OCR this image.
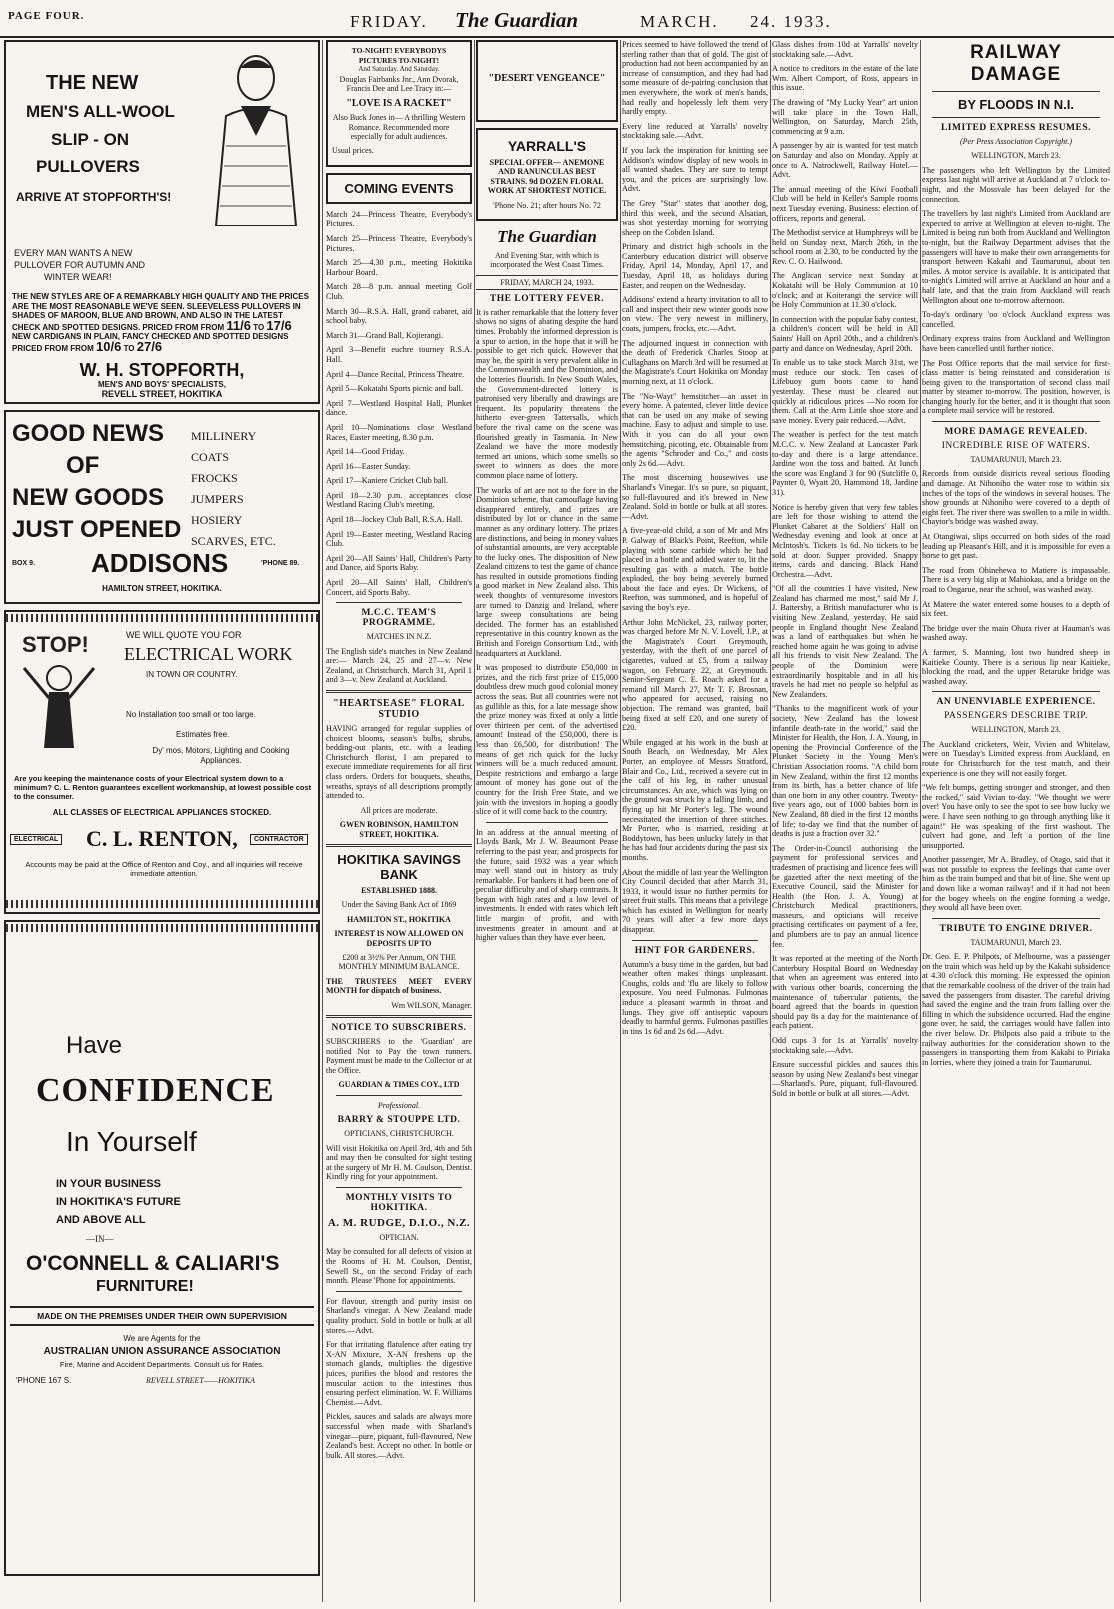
PAGE FOUR.	FRIDAY. The Guardian	MARCH. 24. 1933.
THE NEW
MEN'S ALL-WOOL
SLIP - ON
PULLOVERS
ARRIVE AT STOPFORTH'S!
EVERY MAN WANTS A NEW
PULLOVER FOR AUTUMN AND
WINTER WEAR!
THE NEW STYLES ARE OF A REMARKABLY HIGH QUALITY AND THE PRICES ARE THE MOST REASONABLE WE'VE SEEN. SLEEVELESS PULLOVERS IN SHADES OF MAROON, BLUE AND BROWN, AND ALSO IN THE LATEST CHECK AND SPOTTED DESIGNS. PRICED FROM FROM 11/6 TO 17/6
NEW CARDIGANS IN PLAIN, FANCY CHECKED AND SPOTTED DESIGNS PRICED FROM FROM 10/6 TO 27/6
W. H. STOPFORTH,
MEN'S AND BOYS' SPECIALISTS,
REVELL STREET, HOKITIKA
GOOD NEWS
OF
NEW GOODS
JUST OPENED
MILLINERY
COATS
FROCKS
JUMPERS
HOSIERY
SCARVES, ETC.
BOX 9. ADDISONS	'PHONE 89.
HAMILTON STREET, HOKITIKA.
STOP!	WE WILL QUOTE YOU FOR
ELECTRICAL WORK
IN TOWN OR COUNTRY.
No Installation too small or too large.
Estimates free.
Dy' mos, Motors, Lighting and Cooking Appliances.
Are you keeping the maintenance costs of your Electrical system down to a minimum? C. L. Renton guarantees excellent workmanship, at lowest possible cost to the consumer.
ALL CLASSES OF ELECTRICAL APPLIANCES STOCKED.
ELECTRICAL C. L. RENTON,	CONTRACTOR
Accounts may be paid at the Office of Renton and Coy., and all inquiries will receive immediate attention.
Have
CONFIDENCE
In Yourself
IN YOUR BUSINESS
IN HOKITIKA'S FUTURE
AND ABOVE ALL
—IN—
O'CONNELL & CALIARI'S
FURNITURE!
MADE ON THE PREMISES UNDER THEIR OWN SUPERVISION
We are Agents for the
AUSTRALIAN UNION ASSURANCE ASSOCIATION
Fire, Marine and Accident Departments. Consult us for Rates.
'PHONE 167 S.	REVELL STREET——HOKITIKA

TO-NIGHT! EVERYBODYS PICTURES TO-NIGHT!

And Saturday. And Saturday.

Douglas Fairbanks Jnr., Ann Dvorak, Francis Dee and Lee Tracy in:—

"LOVE IS A RACKET"

Also Buck Jones in— A thrilling Western Romance. Recommended more especially for adult audiences.

Usual prices.

COMING EVENTS

March 24—Princess Theatre, Everybody's Pictures.

March 25—Princess Theatre, Everybody's Pictures.

March 25—4.30 p.m., meeting Hokitika Harbour Board.

March 28—8 p.m. annual meeting Golf Club.

March 30—R.S.A. Hall, grand cabaret, aid school baby.

March 31—Grand Ball, Kojierangi.

April 3—Benefit euchre tourney R.S.A. Hall.

April 4—Dance Recital, Princess Theatre.

April 5—Kokatahi Sports picnic and ball.

April 7—Westland Hospital Hall, Plunket dance.

April 10—Nominations close Westland Races, Easter meeting, 8.30 p.m.

April 14—Good Friday.

April 16—Easter Sunday.

April 17—Kaniere Cricket Club ball.

April 18—2.30 p.m. acceptances close Westland Racing Club's meeting.

April 18—Jockey Club Ball, R.S.A. Hall.

April 19—Easter meeting, Westland Racing Club.

April 20—All Saints' Hall, Children's Party and Dance, aid Sports Baby.

April 20—All Saints' Hall, Children's Concert, aid Sports Baby.

M.C.C. TEAM'S PROGRAMME.

MATCHES IN N.Z.

The English side's matches in New Zealand are:— March 24, 25 and 27—v. New Zealand, at Christchurch. March 31, April 1 and 3—v. New Zealand at Auckland.

"HEARTSEASE" FLORAL STUDIO

HAVING arranged for regular supplies of choicest blooms, season's bulbs, shrubs, bedding-out plants, etc. with a leading Christchurch florist, I am prepared to execute immediate requirements for all first class orders. Orders for bouquets, sheaths, wreaths, sprays of all descriptions promptly attended to.

All prices are moderate.

GWEN ROBINSON, HAMILTON STREET, HOKITIKA.

HOKITIKA SAVINGS BANK

ESTABLISHED 1888.

Under the Saving Bank Act of 1869

HAMILTON ST., HOKITIKA

INTEREST IS NOW ALLOWED ON DEPOSITS UP TO

£200 at 3½% Per Annum, ON THE MONTHLY MINIMUM BALANCE.

THE TRUSTEES MEET EVERY MONTH for dispatch of business.

Wm WILSON, Manager.

NOTICE TO SUBSCRIBERS.

SUBSCRIBERS to the 'Guardian' are notified Not to Pay the town runners. Payment must be made to the Collector or at the Office.

GUARDIAN & TIMES COY., LTD

Professional.

BARRY & STOUPPE LTD.

OPTICIANS, CHRISTCHURCH.

Will visit Hokitika on April 3rd, 4th and 5th and may then be consulted for sight testing at the surgery of Mr H. M. Coulson, Dentist. Kindly ring for your appointment.

MONTHLY VISITS TO HOKITIKA.
A. M. RUDGE, D.I.O., N.Z.

OPTICIAN.

May be consulted for all defects of vision at the Rooms of H. M. Coulson, Dentist, Sewell St., on the second Friday of each month. Please 'Phone for appointments.

For flavour, strength and purity insist on Sharland's vinegar. A New Zealand made quality product. Sold in bottle or bulk at all stores.—Advt.

For that irritating flatulence after eating try X-AN Mixture, X-AN freshens up the stomach glands, multiplies the digestive juices, purifies the blood and restores the muscular action to the intestines thus ensuring perfect elimination. W. F. Williams Chemist.—Advt.

Pickles, sauces and salads are always more successful when made with Sharland's vinegar—pure, piquant, full-flavoured, New Zealand's best. Accept no other. In bottle or bulk. All stores.—Advt.

"DESERT VENGEANCE"

YARRALL'S

SPECIAL OFFER— ANEMONE AND RANUNCULAS BEST STRAINS. 9d DOZEN FLORAL WORK AT SHORTEST NOTICE.

'Phone No. 21; after hours No. 72

The Guardian

And Evening Star, with which is incorporated the West Coast Times.

FRIDAY, MARCH 24, 1933.
THE LOTTERY FEVER.

It is rather remarkable that the lottery fever shows no signs of abating despite the hard times. Probably the informed depression is a spur to action, in the hope that it will be possible to get rich quick. However that may be, the spirit is very prevalent alike in the Commonwealth and the Dominion, and the lotteries flourish. In New South Wales, the Government-directed lottery is patronised very liberally and drawings are frequent. Its popularity threatens the hitherto ever-green Tattersalls, which before the rival came on the scene was flourished greatly in Tasmania. In New Zealand we have the more modestly termed art unions, which some smells so sweet to winners as does the more common place name of lottery.

The works of art are not to the fore in the Dominion scheme, that camouflage having disappeared entirely, and prizes are distributed by lot or chance in the same manner as any ordinary lottery. The prizes are distinctions, and being in money values of substantial amounts, are very acceptable to the lucky ones. The disposition of New Zealand citizens to test the game of chance has resulted in outside promotions finding a good market in New Zealand also. This week thoughts of venturesome investors are turned to Danzig and Ireland, where large sweep consultations are being decided. The former has an established representative in this country known as the British and Foreign Consortium Ltd., with headquarters at Auckland.

It was proposed to distribute £50,000 in prizes, and the rich first prize of £15,000 doubtless drew much good colonial money across the seas. But all countries were not as gullible as this, for a late message show the prize money was fixed at only a little over thirteen per cent. of the advertised amount! Instead of the £50,000, there is less than £6,500, for distribution! The means of get rich quick for the lucky winners will be a much reduced amount. Despite restrictions and embargo a large amount of money has gone out of the country for the Irish Free State, and we join with the investors in hoping a goodly slice of it will come back to the country.

In an address at the annual meeting of Lloyds Bank, Mr J. W. Beaumont Pease referring to the past year, and prospects for the future, said 1932 was a year which may well stand out in history as truly remarkable. For bankers it had been one of peculiar difficulty and of sharp contrasts. It began with high rates and a low level of investments. It ended with rates which left little margin of profit, and with investments greater in amount and at higher values than they have ever been.

Prices seemed to have followed the trend of sterling rather than that of gold. The gist of production had not been accompanied by an increase of consumption, and they had had some measure of de-pairing conclusion that men everywhere, the work of men's hands, had really and hopelessly left them very hardly empty.

Every line reduced at Yarralls' novelty stocktaking sale.—Advt.

If you lack the inspiration for knitting see Addison's window display of new wools in all wanted shades. They are sure to tempt you, and the prices are surprisingly low. Advt.

The Grey "Star" states that another dog, third this week, and the second Alsatian, was shot yesterday morning for worrying sheep on the Cobden Island.

Primary and district high schools in the Canterbury education district will observe Friday, April 14, Monday, April 17, and Tuesday, April 18, as holidays during Easter, and reopen on the Wednesday.

Addisons' extend a hearty invitation to all to call and inspect their new winter goods now on view. The very newest in millinery, coats, jumpers, frocks, etc.—Advt.

The adjourned inquest in connection with the death of Frederick Charles Stoop at Cullaghans on March 3rd will be resumed at the Magistrate's Court Hokitika on Monday morning next, at 11 o'clock.

The "No-Wayt" hemstitcher—an asset in every home. A patented, clever little device that can be used on any make of sewing machine. Easy to adjust and simple to use. With it you can do all your own hemstitching, picoting, etc. Obtainable from the agents "Schroder and Co.," and costs only 2s 6d.—Advt.

The most discerning housewives use Sharland's Vinegar. It's so pure, so piquant, so full-flavoured and it's brewed in New Zealand. Sold in bottle or bulk at all stores.—Advt.

A five-year-old child, a son of Mr and Mrs P. Galway of Black's Point, Reefton, while playing with some carbide which he had placed in a bottle and added water to, lit the resulting gas with a match. The bottle exploded, the boy being severely burned about the face and eyes. Dr Wickens, of Reefton, was summoned, and is hopeful of saving the boy's eye.

Arthur John McNickel, 23, railway porter, was charged before Mr N. V. Lovell, J.P., at the Magistrate's Court Greymouth, yesterday, with the theft of one parcel of cigarettes, valued at £5, from a railway wagon, on February 22, at Greymouth. Senior-Sergeant C. E. Roach asked for a remand till March 27, Mr T. F. Brosnan, who appeared for accused, raising no objection. The remand was granted, bail being fixed at self £20, and one surety of £20.

While engaged at his work in the bush at South Beach, on Wednesday, Mr Alex Porter, an employee of Messrs Stratford, Blair and Co., Ltd., received a severe cut in the calf of his leg, in rather unusual circumstances. An axe, which was lying on the ground was struck by a falling limb, and flying up hit Mr Porter's leg. The wound necessitated the insertion of three stitches. Mr Porter, who is married, residing at Boddytown, has been unlucky lately in that he has had four accidents during the past six months.

About the middle of last year the Wellington City Council decided that after March 31, 1933, it would issue no further permits for street fruit stalls. This means that a privilege which has existed in Wellington for nearly 70 years will after a few more days disappear.

HINT FOR GARDENERS.

Autumn's a busy time in the garden, but bad weather often makes things unpleasant. Coughs, colds and 'flu are likely to follow exposure. You need Fulmonas. Fulmonas induce a pleasant warmth in throat and lungs. They give off antiseptic vapours deadly to harmful germs. Fulmonas pastilles in tins 1s 6d and 2s 6d.—Advt.

Glass dishes from 10d at Yarralls' novelty stocktaking sale.—Advt.

A notice to creditors in the estate of the late Wm. Albert Comport, of Ross, appears in this issue.

The drawing of "My Lucky Year" art union will take place in the Town Hall, Wellington, on Saturday, March 25th, commencing at 9 a.m.

A passenger by air is wanted for test match on Saturday and also on Monday. Apply at once to A. Natrockwell, Railway Hotel.—Advt.

The annual meeting of the Kiwi Football Club will be held in Keller's Sample rooms next Tuesday evening. Business: election of officers, reports and general.

The Methodist service at Humphreys will be held on Sunday next, March 26th, in the school room at 2.30, to be conducted by the Rev. C. O. Hailwood.

The Anglican service next Sunday at Kokatahi will be Holy Communion at 10 o'clock; and at Koiterangi the service will be Holy Communion at 11.30 o'clock.

In connection with the popular baby contest, a children's concert will be held in All Saints' Hall on April 20th., and a children's party and dance on Wednesday, April 20th.

To enable us to take stock March 31st, we must reduce our stock. Ten cases of Lifebuoy gum boots came to hand yesterday. These must be cleared out quickly at ridiculous prices —No room for them. Call at the Arm Little shoe store and save money. Every pair reduced.—Advt.

The weather is perfect for the test match M.C.C. v. New Zealand at Lancaster Park to-day and there is a large attendance. Jardine won the toss and batted. At lunch the score was England 3 for 90 (Sutcliffe 0, Paynter 0, Wyatt 20, Hammond 18, Jardine 31).

Notice is hereby given that very few tables are left for those wishing to attend the Plunket Cabaret at the Soldiers' Hall on Wednesday evening and look at once at McIntosh's. Tickets 1s 6d. No tickets to be sold at door. Supper provided. Snappy items, cards and dancing. Black Hand Orchestra.—Advt.

"Of all the countries I have visited, New Zealand has charmed me most," said Mr J. J. Battersby, a British manufacturer who is visiting New Zealand, yesterday. He said people in England thought New Zealand was a land of earthquakes but when he reached home again he was going to advise all his friends to visit New Zealand. The people of the Dominion were extraordinarily hospitable and in all his travels he had met no people so helpful as New Zealanders.

"Thanks to the magnificent work of your society, New Zealand has the lowest infantile death-rate in the world," said the Minister for Health, the Hon. J. A. Young, in opening the Provincial Conference of the Plunket Society in the Young Men's Christian Association rooms. "A child born in New Zealand, within the first 12 months from its birth, has a better chance of life than one born in any other country. Twenty-five years ago, out of 1000 babies born in New Zealand, 88 died in the first 12 months of life; to-day we find that the number of deaths is just a fraction over 32."

The Order-in-Council authorising the payment for professional services and tradesmen of practising and licence fees will be gazetted after the next meeting of the Executive Council, said the Minister for Health (the Hon. J. A. Young) at Christchurch Medical practitioners, masseurs, and opticians will receive practising certificates on payment of a fee, and plumbers are to pay an annual licence fee.

It was reported at the meeting of the North Canterbury Hospital Board on Wednesday that when an agreement was entered into with various other boards, concerning the maintenance of tubercular patients, the board agreed that the boards in question should pay 8s a day for the maintenance of each patient.

Odd cups 3 for 1s at Yarralls' novelty stocktaking sale.—Advt.

Ensure successful pickles and sauces this season by using New Zealand's best vinegar—Sharland's. Pure, piquant, full-flavoured. Sold in bottle or bulk at all stores.—Advt.

RAILWAY DAMAGE
BY FLOODS IN N.I.
LIMITED EXPRESS RESUMES.

(Per Press Association Copyright.)

WELLINGTON, March 23.

The passengers who left Wellington by the Limited express last night will arrive at Auckland at 7 o'clock to-night, and the Mossvale has been delayed for the connection.

The travellers by last night's Limited from Auckland are expected to arrive at Wellington at eleven to-night. The Limited is being run both from Auckland and Wellington to-night, but the Railway Department advises that the passengers will have to make their own arrangements for transport between Kakahi and Taumarunui, about ten miles. A motor service is available. It is anticipated that to-night's Limited will arrive at Auckland an hour and a half late, and that the train from Auckland will reach Wellington about one to-morrow afternoon.

To-day's ordinary 'oo o'clock Auckland express was cancelled.

Ordinary express trains from Auckland and Wellington have been cancelled until further notice.

The Post Office reports that the mail service for first-class matter is being reinstated and consideration is being given to the transportation of second class mail matter by steamer to-morrow. The position, however, is changing hourly for the better, and it is thought that soon a complete mail service will be restored.

MORE DAMAGE REVEALED.
INCREDIBLE RISE OF WATERS.

TAUMARUNUI, March 23.

Records from outside districts reveal serious flooding and damage. At Nihoniho the water rose to within six inches of the tops of the windows in several houses. The show grounds at Nihoniho were covered to a depth of eight feet. The river there was swollen to a mile in width. Chaytor's bridge was washed away.

At Otangiwai, slips occurred on both sides of the road leading up Pleasant's Hill, and it is impossible for even a horse to get past.

The road from Ohinehewa to Matiere is impassable. There is a very big slip at Mahiokau, and a bridge on the road to Ongarue, near the school, was washed away.

At Matere the water entered some houses to a depth of six feet.

The bridge over the main Ohura river at Hauman's was washed away.

A farmer, S. Manning, lost two hundred sheep in Kaitieke County. There is a serious lip near Kaitieke, blocking the road, and the upper Retaruke bridge was washed away.

AN UNENVIABLE EXPERIENCE.
PASSENGERS DESCRIBE TRIP.

WELLINGTON, March 23.

The Auckland cricketers, Weir, Vivien and Whitelaw, were on Tuesday's Limited express from Auckland, en route for Christchurch for the test match, and their experience is one they will not easily forget.

"We felt bumps, getting stronger and stronger, and then the rocked," said Vivian to-day. "We thought we were over! You have only to see the spot to see how lucky we were. I have seen nothing to go through anything like it again!" He was speaking of the first washout. The culvert had gone, and left a portion of the line unsupported.

Another passenger, Mr A. Bradley, of Otago, said that it was not possible to express the feelings that came over him as the train bumped and that bit of line. She went up and down like a woman railway! and if it had not been for the bogey wheels on the engine forming a wedge, they would all have been over.

TRIBUTE TO ENGINE DRIVER.

TAUMARUNUI, March 23.

Dr. Geo. E. P. Philpots, of Melbourne, was a passenger on the train which was held up by the Kakahi subsidence at 4.30 o'clock this morning. He expressed the opinion that the remarkable coolness of the driver of the train had saved the passengers from disaster. The careful driving had saved the engine and the train from falling over the filling in which the subsidence occurred. Had the engine gone over, he said, the carriages would have fallen into the river below. Dr. Philpots also paid a tribute to the railway authorities for the consideration shown to the passengers in transporting them from Kakahi to Piriaka in lorries, where they joined a train for Taumarunui.
